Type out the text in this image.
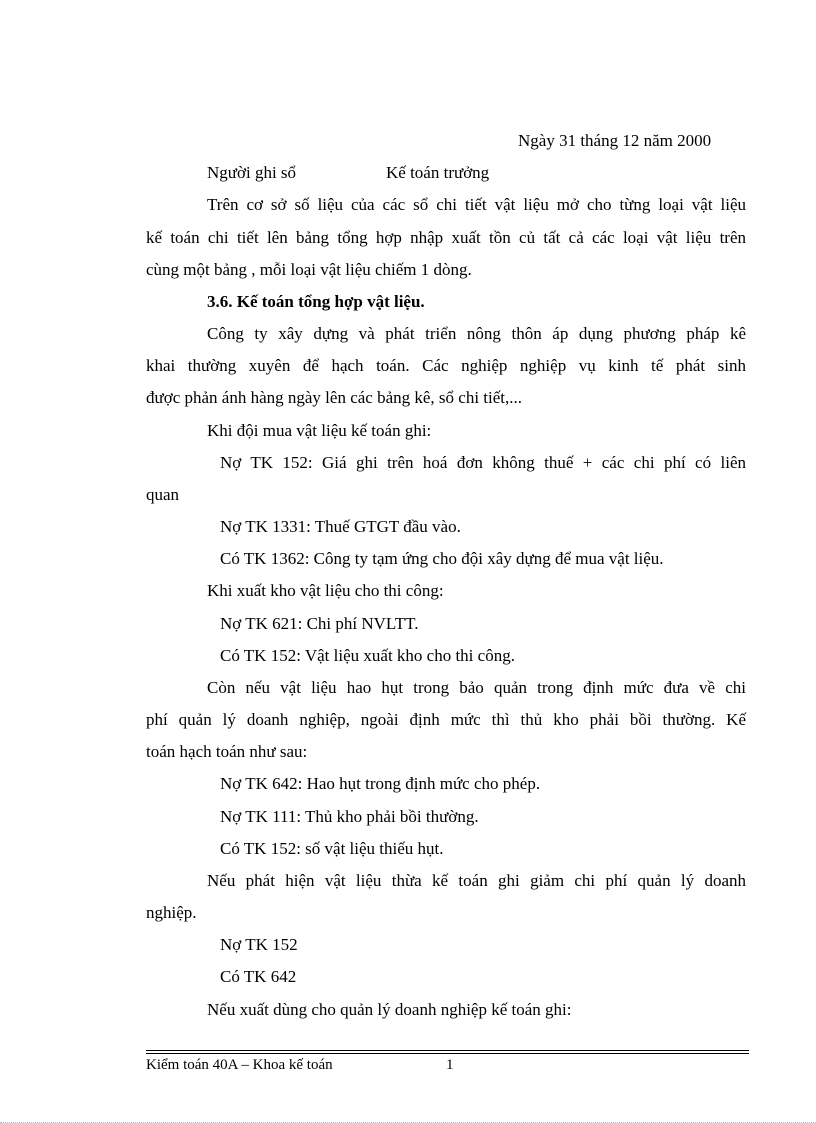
Ngày 31 tháng 12 năm 2000
Người ghi sổ	Kế toán trưởng
Trên cơ sở số liệu của các sổ chi tiết vật liệu mở cho từng loại vật liệu
kế toán chi tiết lên bảng tổng hợp nhập xuất tồn củ tất cả các loại vật liệu trên
cùng một bảng , mỗi loại vật liệu chiếm 1 dòng.
3.6. Kế toán tổng hợp vật liệu.
Công ty xây dựng và phát triển nông thôn áp dụng phương pháp kê
khai thường xuyên để hạch toán. Các nghiệp nghiệp vụ kinh tế phát sinh
được phản ánh hàng ngày lên các bảng kê, sổ chi tiết,...
Khi đội mua vật liệu kế toán ghi:
Nợ TK 152: Giá ghi trên hoá đơn không thuế + các chi phí có liên
quan
Nợ TK 1331: Thuế GTGT đầu vào.
Có TK 1362: Công ty tạm ứng cho đội xây dựng để mua vật liệu.
Khi xuất kho vật liệu cho thi công:
Nợ TK 621: Chi phí NVLTT.
Có TK 152: Vật liệu xuất kho cho thi công.
Còn nếu vật liệu hao hụt trong bảo quản trong định mức đưa về chi
phí quản lý doanh nghiệp, ngoài định mức thì thủ kho phải bồi thường. Kế
toán hạch toán như sau:
Nợ TK 642: Hao hụt trong định mức cho phép.
Nợ TK 111: Thủ kho phải bồi thường.
Có TK 152: số vật liệu thiếu hụt.
Nếu phát hiện vật liệu thừa kế toán ghi giảm chi phí quản lý doanh
nghiệp.
Nợ TK 152
Có TK 642
Nếu xuất dùng cho quản lý doanh nghiệp kế toán ghi:
Kiểm toán 40A – Khoa kế toán	1
